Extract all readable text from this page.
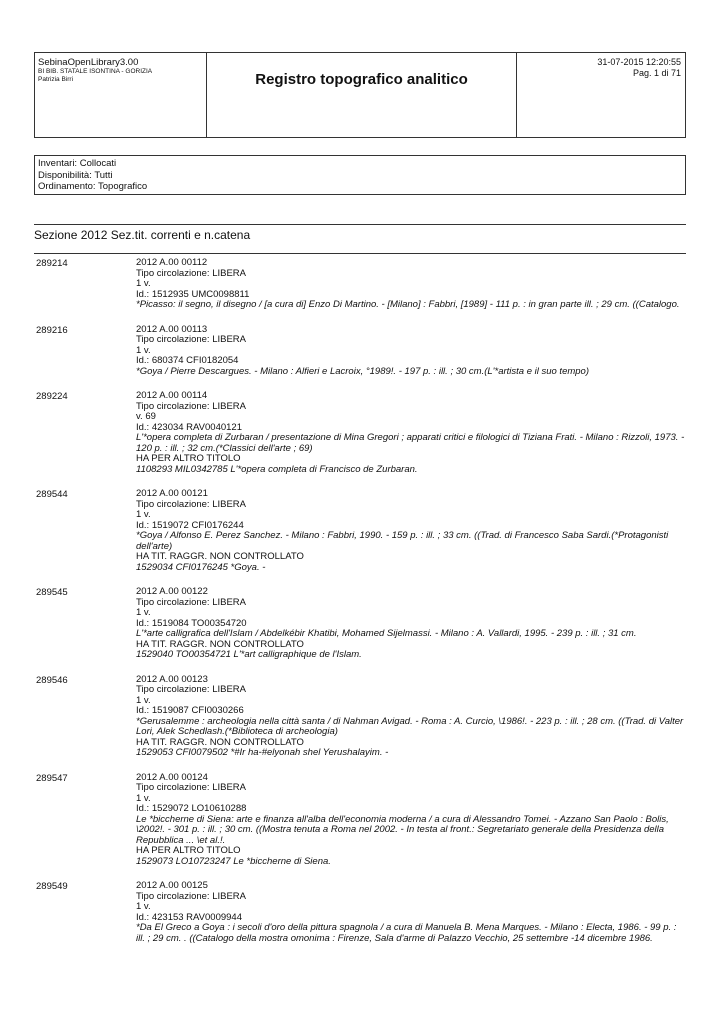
SebinaOpenLibrary3.00
BI BIB. STATALE ISONTINA - GORIZIA
Patrizia Birri	Registro topografico analitico
31-07-2015 12:20:55
Pag. 1 di 71
Inventari: Collocati
Disponibilità: Tutti
Ordinamento: Topografico
Sezione 2012 Sez.tit. correnti e n.catena
289214	2012 A.00 00112
Tipo circolazione: LIBERA
1 v.
Id.: 1512935 UMC0098811
*Picasso: il segno, il disegno / [a cura di] Enzo Di Martino. - [Milano] : Fabbri, [1989] - 111 p. : in gran parte ill. ; 29 cm. ((Catalogo.
289216	2012 A.00 00113
Tipo circolazione: LIBERA
1 v.
Id.: 680374 CFI0182054
*Goya / Pierre Descargues. - Milano : Alfieri e Lacroix, °1989!. - 197 p. : ill. ; 30 cm.(L'*artista e il suo tempo)
289224	2012 A.00 00114
Tipo circolazione: LIBERA
v. 69
Id.: 423034 RAV0040121
L'*opera completa di Zurbaran / presentazione di Mina Gregori ; apparati critici e filologici di Tiziana Frati. - Milano : Rizzoli, 1973. - 120 p. : ill. ; 32 cm.(*Classici dell'arte ; 69)
HA PER ALTRO TITOLO
1108293 MIL0342785 L'*opera completa di Francisco de Zurbaran.
289544	2012 A.00 00121
Tipo circolazione: LIBERA
1 v.
Id.: 1519072 CFI0176244
*Goya / Alfonso E. Perez Sanchez. - Milano : Fabbri, 1990. - 159 p. : ill. ; 33 cm. ((Trad. di Francesco Saba Sardi.(*Protagonisti dell'arte)
HA TIT. RAGGR. NON CONTROLLATO
1529034 CFI0176245 *Goya. -
289545	2012 A.00 00122
Tipo circolazione: LIBERA
1 v.
Id.: 1519084 TO00354720
L'*arte calligrafica dell'Islam / Abdelkébir Khatibi, Mohamed Sijelmassi. - Milano : A. Vallardi, 1995. - 239 p. : ill. ; 31 cm.
HA TIT. RAGGR. NON CONTROLLATO
1529040 TO00354721 L'*art calligraphique de l'Islam.
289546	2012 A.00 00123
Tipo circolazione: LIBERA
1 v.
Id.: 1519087 CFI0030266
*Gerusalemme : archeologia nella città santa / di Nahman Avigad. - Roma : A. Curcio, \1986!. - 223 p. : ill. ; 28 cm. ((Trad. di Valter Lori, Alek Schedlash.(*Biblioteca di archeologia)
HA TIT. RAGGR. NON CONTROLLATO
1529053 CFI0079502 *#Ir ha-#elyonah shel Yerushalayim. -
289547	2012 A.00 00124
Tipo circolazione: LIBERA
1 v.
Id.: 1529072 LO10610288
Le *biccherne di Siena: arte e finanza all'alba dell'economia moderna / a cura di Alessandro Tomei. - Azzano San Paolo : Bolis, \2002!. - 301 p. : ill. ; 30 cm. ((Mostra tenuta a Roma nel 2002. - In testa al front.: Segretariato generale della Presidenza della Repubblica ... \et al.!.
HA PER ALTRO TITOLO
1529073 LO10723247 Le *biccherne di Siena.
289549	2012 A.00 00125
Tipo circolazione: LIBERA
1 v.
Id.: 423153 RAV0009944
*Da El Greco a Goya : i secoli d'oro della pittura spagnola / a cura di Manuela B. Mena Marques. - Milano : Electa, 1986. - 99 p. : ill. ; 29 cm. . ((Catalogo della mostra omonima : Firenze, Sala d'arme di Palazzo Vecchio, 25 settembre -14 dicembre 1986.
